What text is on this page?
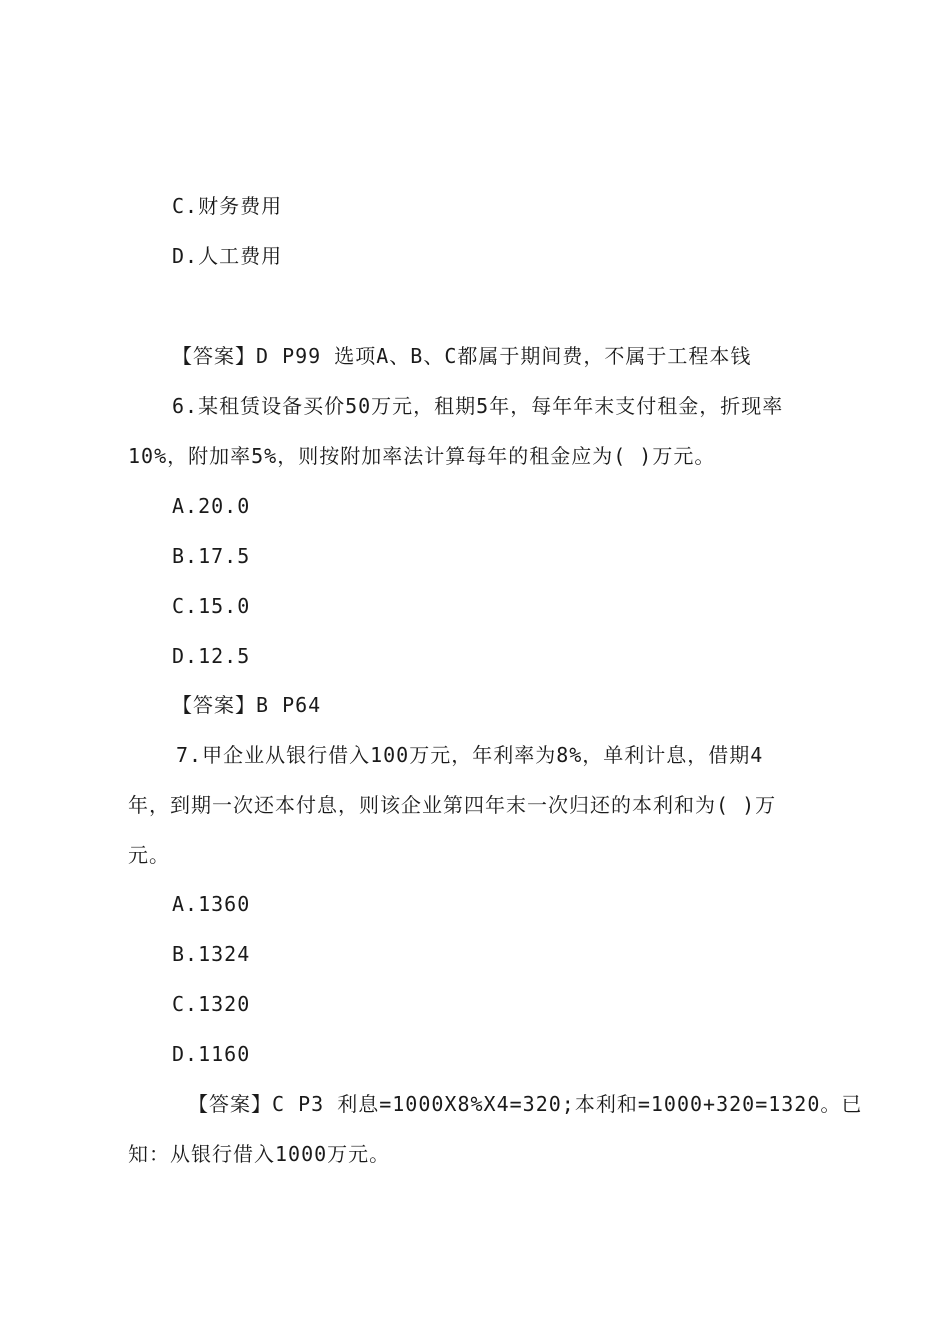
C.财务费用
D.人工费用
【答案】D P99 选项A、B、C都属于期间费，不属于工程本钱
6.某租赁设备买价50万元，租期5年，每年年末支付租金，折现率
10%，附加率5%，则按附加率法计算每年的租金应为( )万元。
A.20.0
B.17.5
C.15.0
D.12.5
【答案】B P64
7.甲企业从银行借入100万元，年利率为8%，单利计息，借期4
年，到期一次还本付息，则该企业第四年末一次归还的本利和为( )万
元。
A.1360
B.1324
C.1320
D.1160
【答案】C P3 利息=1000X8%X4=320;本利和=1000+320=1320。已
知：从银行借入1000万元。
